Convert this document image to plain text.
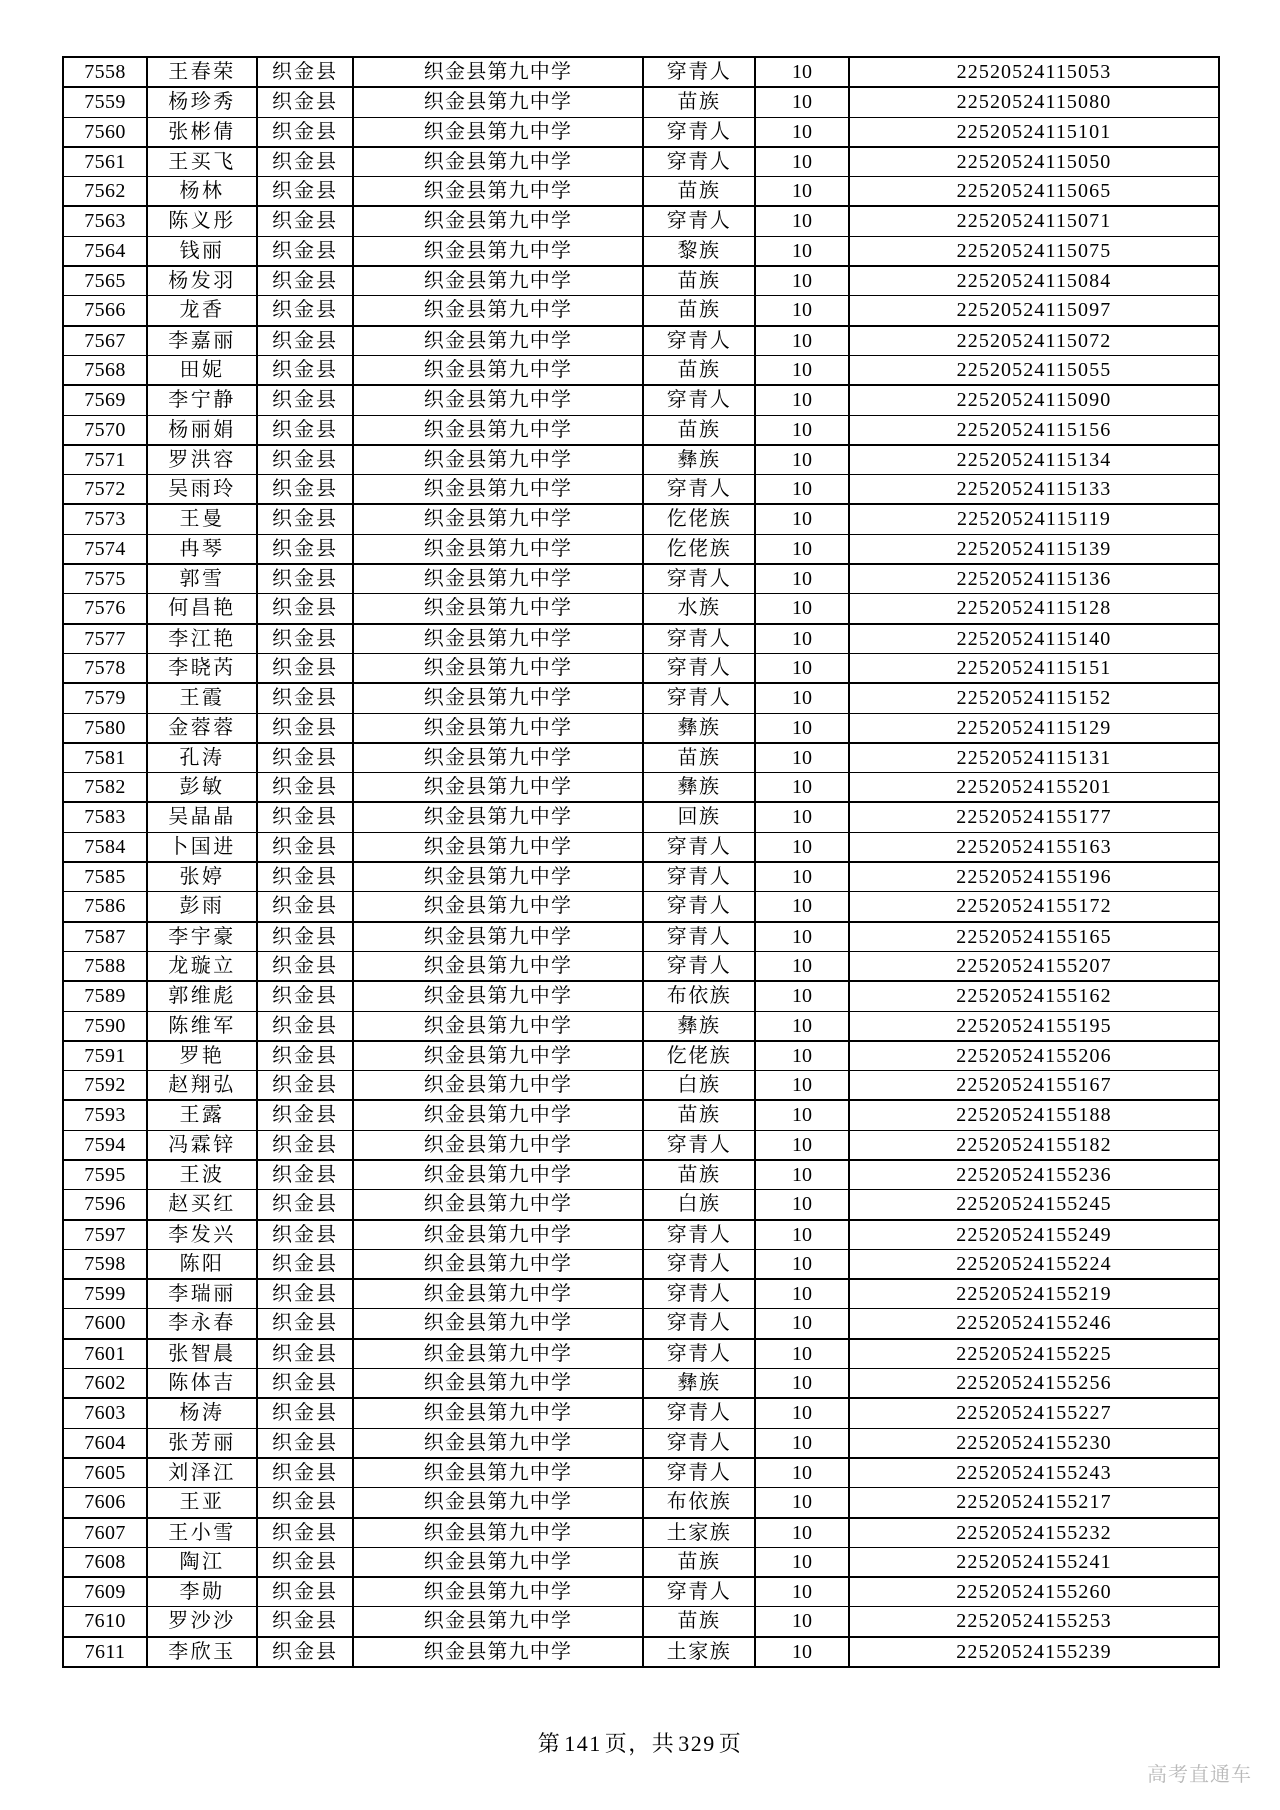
7558	王春荣	织金县	织金县第九中学	穿青人	10	22520524115053
7559	杨珍秀	织金县	织金县第九中学	苗族	10	22520524115080
7560	张彬倩	织金县	织金县第九中学	穿青人	10	22520524115101
7561	王买飞	织金县	织金县第九中学	穿青人	10	22520524115050
7562	杨林	织金县	织金县第九中学	苗族	10	22520524115065
7563	陈义彤	织金县	织金县第九中学	穿青人	10	22520524115071
7564	钱丽	织金县	织金县第九中学	黎族	10	22520524115075
7565	杨发羽	织金县	织金县第九中学	苗族	10	22520524115084
7566	龙香	织金县	织金县第九中学	苗族	10	22520524115097
7567	李嘉丽	织金县	织金县第九中学	穿青人	10	22520524115072
7568	田妮	织金县	织金县第九中学	苗族	10	22520524115055
7569	李宁静	织金县	织金县第九中学	穿青人	10	22520524115090
7570	杨丽娟	织金县	织金县第九中学	苗族	10	22520524115156
7571	罗洪容	织金县	织金县第九中学	彝族	10	22520524115134
7572	吴雨玲	织金县	织金县第九中学	穿青人	10	22520524115133
7573	王曼	织金县	织金县第九中学	仡佬族	10	22520524115119
7574	冉琴	织金县	织金县第九中学	仡佬族	10	22520524115139
7575	郭雪	织金县	织金县第九中学	穿青人	10	22520524115136
7576	何昌艳	织金县	织金县第九中学	水族	10	22520524115128
7577	李江艳	织金县	织金县第九中学	穿青人	10	22520524115140
7578	李晓芮	织金县	织金县第九中学	穿青人	10	22520524115151
7579	王霞	织金县	织金县第九中学	穿青人	10	22520524115152
7580	金蓉蓉	织金县	织金县第九中学	彝族	10	22520524115129
7581	孔涛	织金县	织金县第九中学	苗族	10	22520524115131
7582	彭敏	织金县	织金县第九中学	彝族	10	22520524155201
7583	吴晶晶	织金县	织金县第九中学	回族	10	22520524155177
7584	卜国进	织金县	织金县第九中学	穿青人	10	22520524155163
7585	张婷	织金县	织金县第九中学	穿青人	10	22520524155196
7586	彭雨	织金县	织金县第九中学	穿青人	10	22520524155172
7587	李宇豪	织金县	织金县第九中学	穿青人	10	22520524155165
7588	龙璇立	织金县	织金县第九中学	穿青人	10	22520524155207
7589	郭维彪	织金县	织金县第九中学	布依族	10	22520524155162
7590	陈维军	织金县	织金县第九中学	彝族	10	22520524155195
7591	罗艳	织金县	织金县第九中学	仡佬族	10	22520524155206
7592	赵翔弘	织金县	织金县第九中学	白族	10	22520524155167
7593	王露	织金县	织金县第九中学	苗族	10	22520524155188
7594	冯霖锌	织金县	织金县第九中学	穿青人	10	22520524155182
7595	王波	织金县	织金县第九中学	苗族	10	22520524155236
7596	赵买红	织金县	织金县第九中学	白族	10	22520524155245
7597	李发兴	织金县	织金县第九中学	穿青人	10	22520524155249
7598	陈阳	织金县	织金县第九中学	穿青人	10	22520524155224
7599	李瑞丽	织金县	织金县第九中学	穿青人	10	22520524155219
7600	李永春	织金县	织金县第九中学	穿青人	10	22520524155246
7601	张智晨	织金县	织金县第九中学	穿青人	10	22520524155225
7602	陈体吉	织金县	织金县第九中学	彝族	10	22520524155256
7603	杨涛	织金县	织金县第九中学	穿青人	10	22520524155227
7604	张芳丽	织金县	织金县第九中学	穿青人	10	22520524155230
7605	刘泽江	织金县	织金县第九中学	穿青人	10	22520524155243
7606	王亚	织金县	织金县第九中学	布依族	10	22520524155217
7607	王小雪	织金县	织金县第九中学	土家族	10	22520524155232
7608	陶江	织金县	织金县第九中学	苗族	10	22520524155241
7609	李勋	织金县	织金县第九中学	穿青人	10	22520524155260
7610	罗沙沙	织金县	织金县第九中学	苗族	10	22520524155253
7611	李欣玉	织金县	织金县第九中学	土家族	10	22520524155239
第 141 页，共 329 页
高考直通车
